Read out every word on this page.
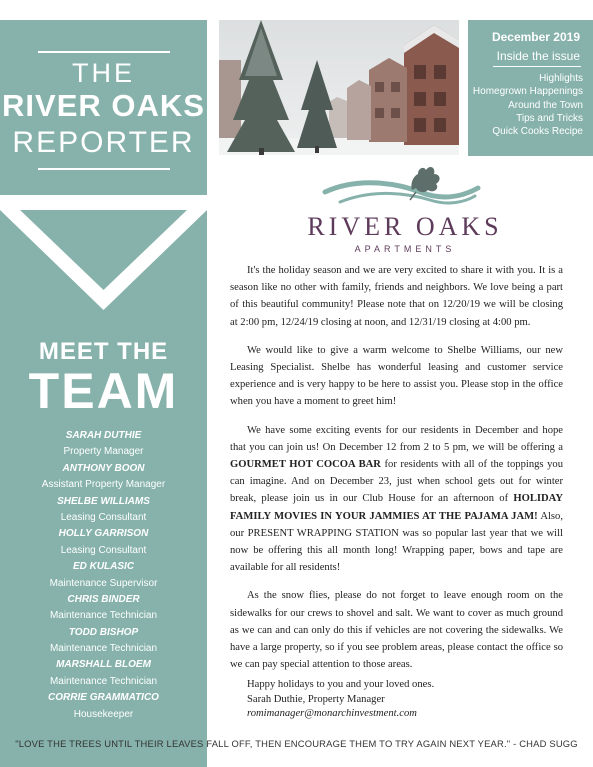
THE
RIVER OAKS
REPORTER
MEET THE
TEAM
SARAH DUTHIE
Property Manager
ANTHONY BOON
Assistant Property Manager
SHELBE WILLIAMS
Leasing Consultant
HOLLY GARRISON
Leasing Consultant
ED KULASIC
Maintenance Supervisor
CHRIS BINDER
Maintenance Technician
TODD BISHOP
Maintenance Technician
MARSHALL BLOEM
Maintenance Technician
CORRIE GRAMMATICO
Housekeeper
December 2019
Inside the issue
Highlights
Homegrown Happenings
Around the Town
Tips and Tricks
Quick Cooks Recipe
RIVER OAKS
APARTMENTS

It's the holiday season and we are very excited to share it with you. It is a season like no other with family, friends and neighbors. We love being a part of this beautiful community! Please note that on 12/20/19 we will be closing at 2:00 pm, 12/24/19 closing at noon, and 12/31/19 closing at 4:00 pm.

We would like to give a warm welcome to Shelbe Williams, our new Leasing Specialist. Shelbe has wonderful leasing and customer service experience and is very happy to be here to assist you. Please stop in the office when you have a moment to greet him!

We have some exciting events for our residents in December and hope that you can join us! On December 12 from 2 to 5 pm, we will be offering a GOURMET HOT COCOA BAR for residents with all of the toppings you can imagine. And on December 23, just when school gets out for winter break, please join us in our Club House for an afternoon of HOLIDAY FAMILY MOVIES IN YOUR JAMMIES AT THE PAJAMA JAM! Also, our PRESENT WRAPPING STATION was so popular last year that we will now be offering this all month long! Wrapping paper, bows and tape are available for all residents!

As the snow flies, please do not forget to leave enough room on the sidewalks for our crews to shovel and salt. We want to cover as much ground as we can and can only do this if vehicles are not covering the sidewalks. We have a large property, so if you see problem areas, please contact the office so we can pay special attention to those areas.

Happy holidays to you and your loved ones.
Sarah Duthie, Property Manager
romimanager@monarchinvestment.com
"LOVE THE TREES UNTIL THEIR LEAVES FALL OFF, THEN ENCOURAGE THEM TO TRY AGAIN NEXT YEAR." - CHAD SUGG
